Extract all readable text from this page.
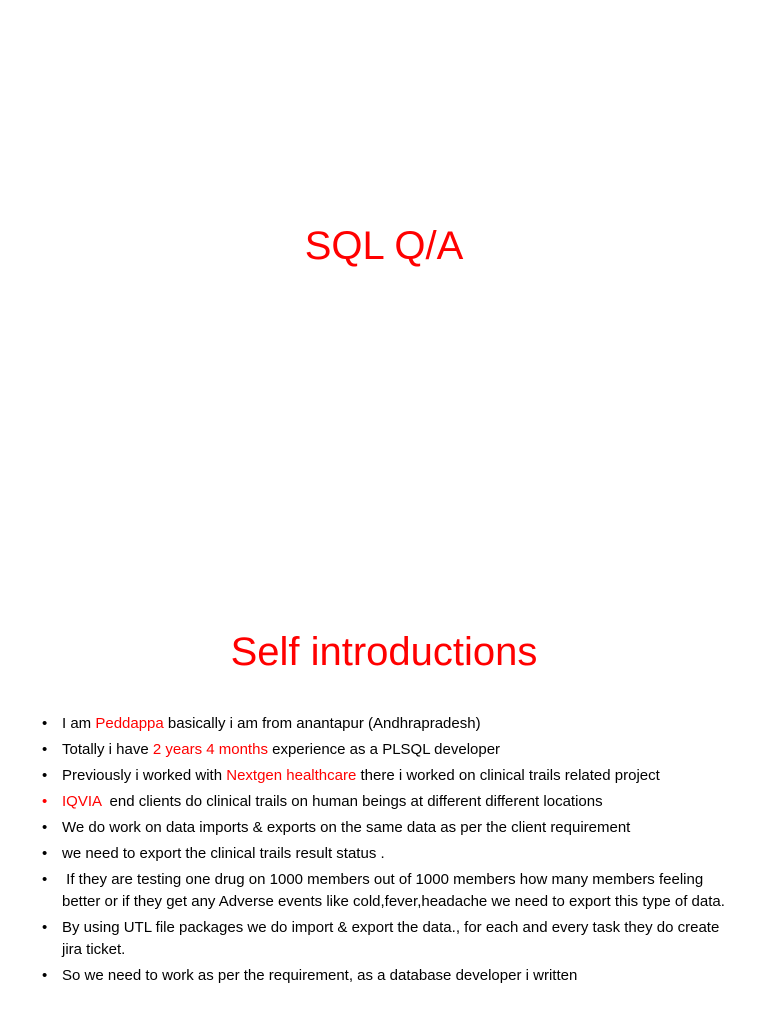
SQL Q/A
Self introductions
• I am Peddappa basically i am from anantapur (Andhrapradesh)
• Totally i have 2 years 4 months experience as a PLSQL developer
• Previously i worked with Nextgen healthcare there i worked on clinical trails related project
• IQVIA  end clients do clinical trails on human beings at different different locations
• We do work on data imports & exports on the same data as per the client requirement
• we need to export the clinical trails result status .
• If they are testing one drug on 1000 members out of 1000 members how many members feeling better or if they get any Adverse events like cold,fever,headache we need to export this type of data.
• By using UTL file packages we do import & export the data., for each and every task they do create jira ticket.
• So we need to work as per the requirement, as a database developer i written
